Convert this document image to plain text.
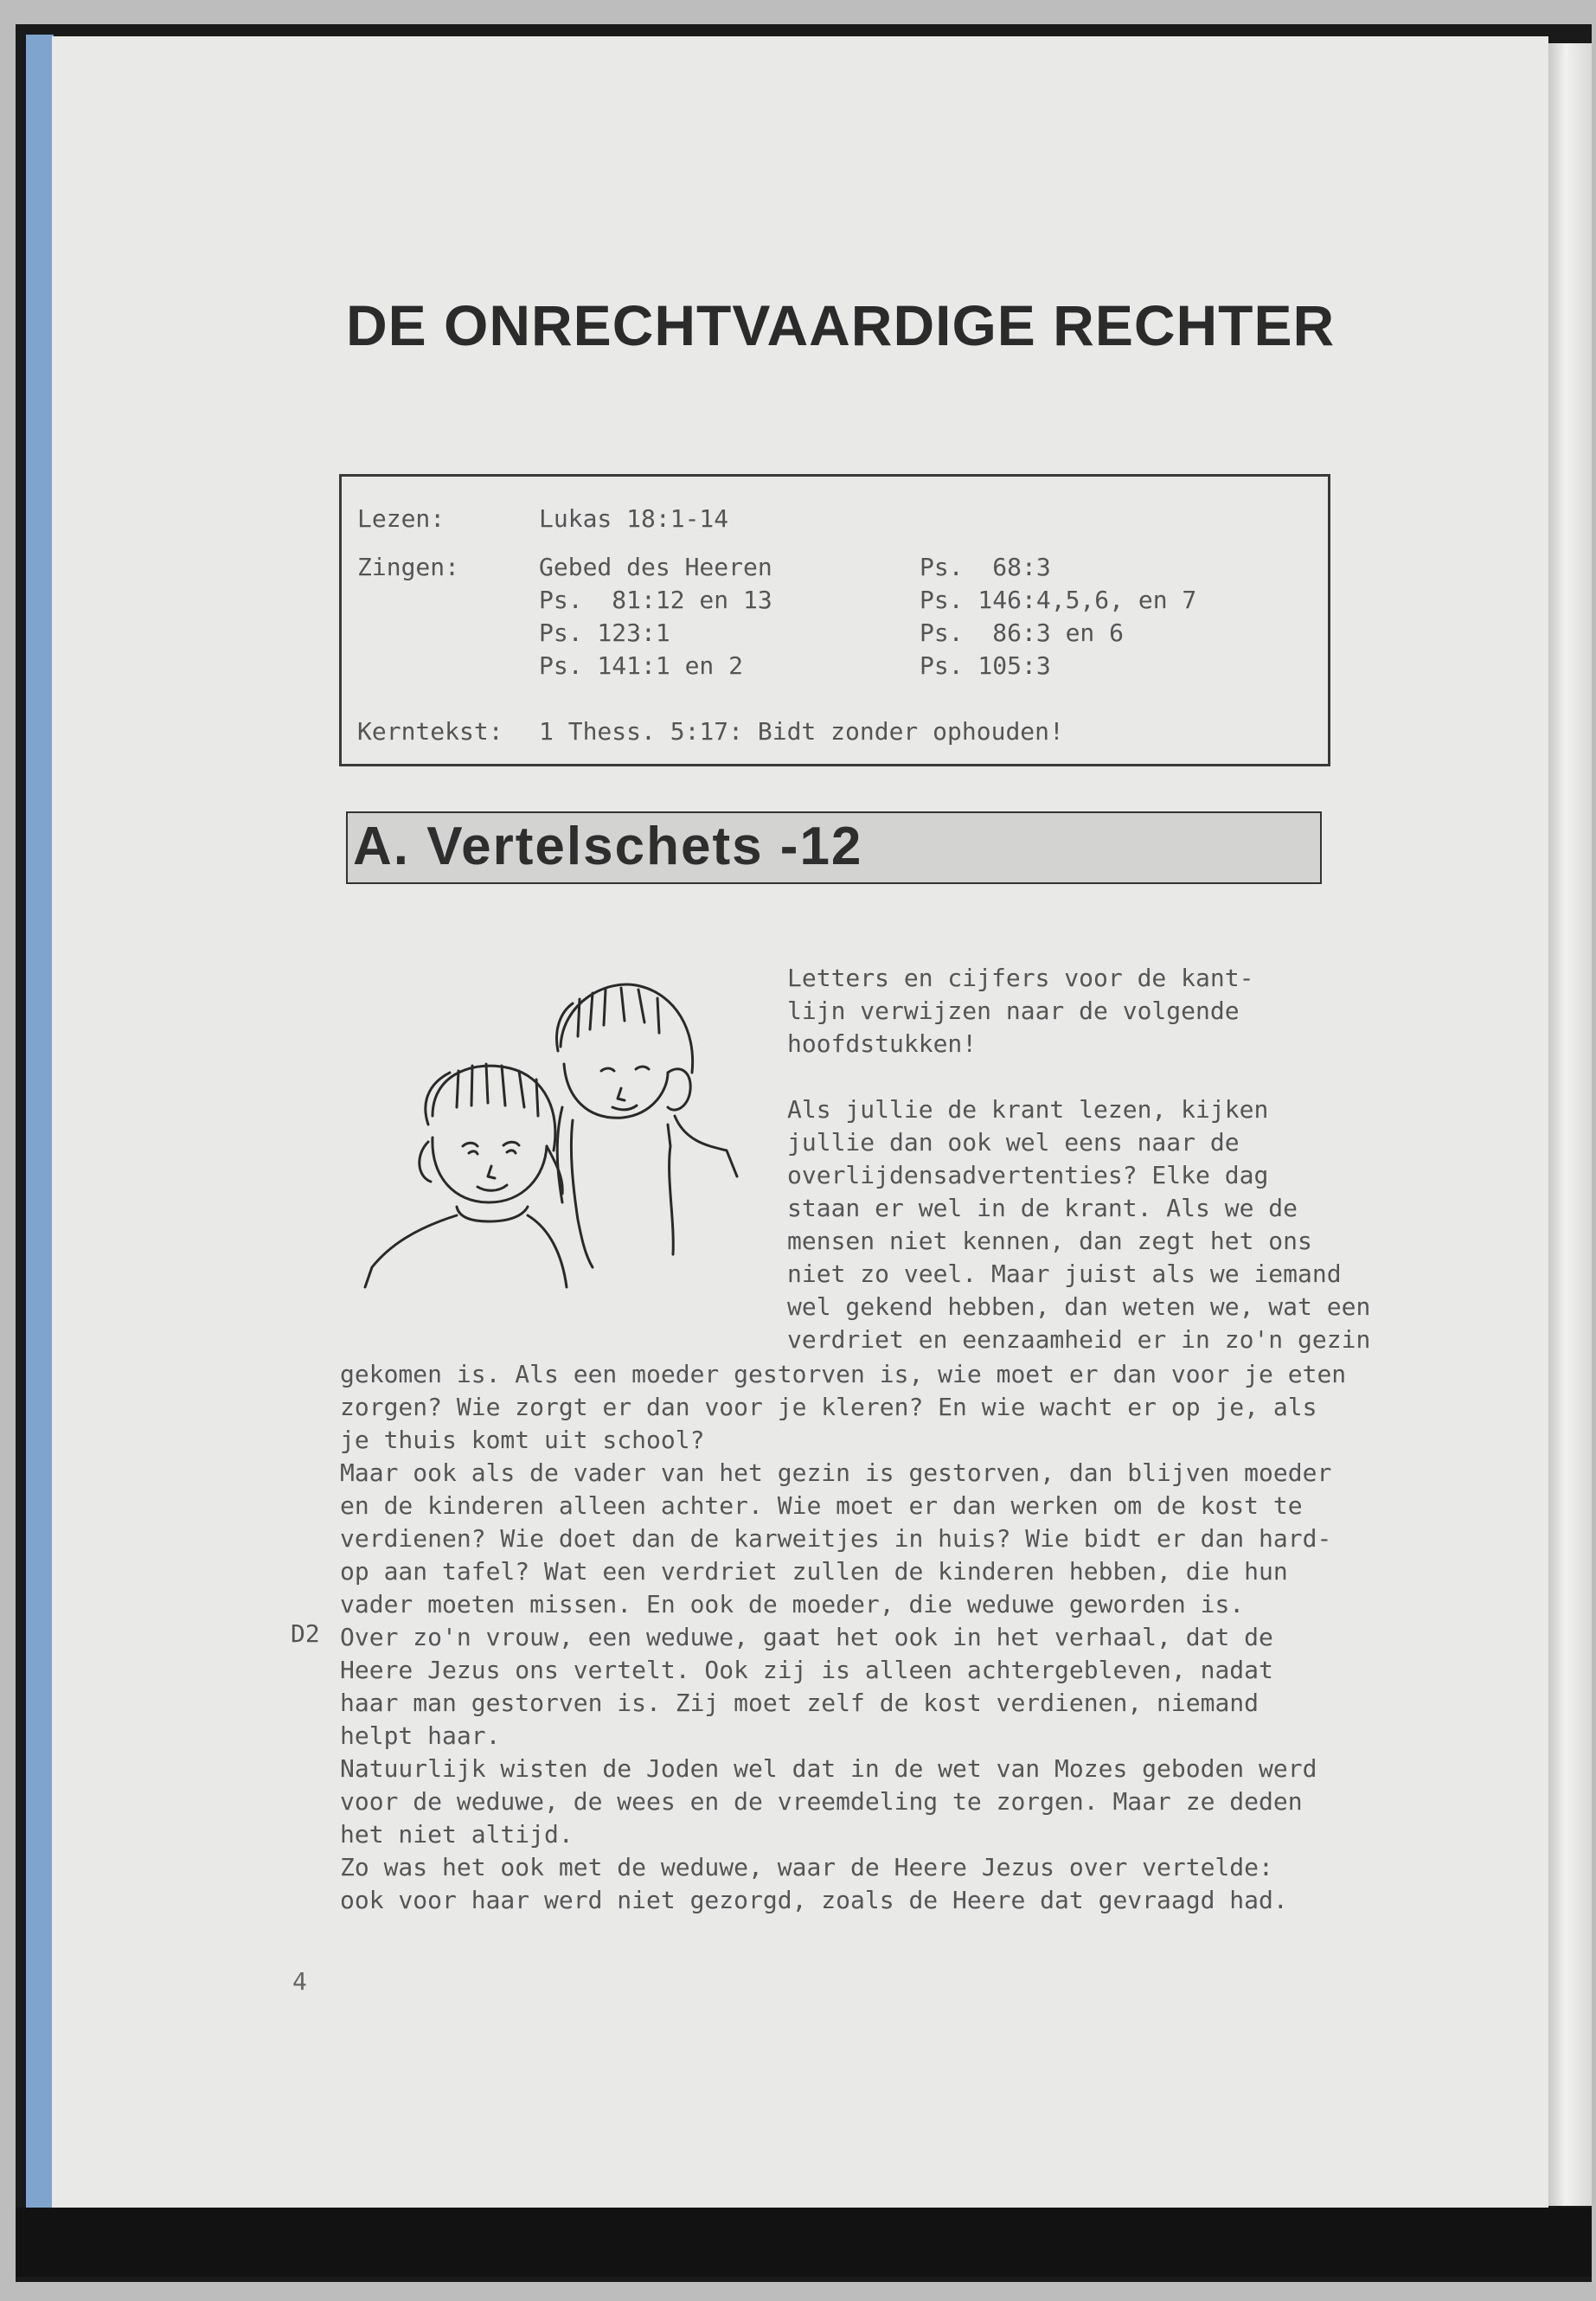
DE ONRECHTVAARDIGE RECHTER
Lezen:	Lukas 18:1-14
Zingen:	Gebed des Heeren
Ps.  81:12 en 13
Ps. 123:1
Ps. 141:1 en 2
Ps.  68:3
Ps. 146:4,5,6, en 7
Ps.  86:3 en 6
Ps. 105:3
Kerntekst: 1 Thess. 5:17: Bidt zonder ophouden!
A. Vertelschets -12

Letters en cijfers voor de kant-

lijn verwijzen naar de volgende

hoofdstukken!

Als jullie de krant lezen, kijken

jullie dan ook wel eens naar de

overlijdensadvertenties? Elke dag

staan er wel in de krant. Als we de

mensen niet kennen, dan zegt het ons

niet zo veel. Maar juist als we iemand

wel gekend hebben, dan weten we, wat een

verdriet en eenzaamheid er in zo'n gezin

gekomen is. Als een moeder gestorven is, wie moet er dan voor je eten

zorgen? Wie zorgt er dan voor je kleren? En wie wacht er op je, als

je thuis komt uit school?

Maar ook als de vader van het gezin is gestorven, dan blijven moeder

en de kinderen alleen achter. Wie moet er dan werken om de kost te

verdienen? Wie doet dan de karweitjes in huis? Wie bidt er dan hard-

op aan tafel? Wat een verdriet zullen de kinderen hebben, die hun

vader moeten missen. En ook de moeder, die weduwe geworden is.

Over zo'n vrouw, een weduwe, gaat het ook in het verhaal, dat de

Heere Jezus ons vertelt. Ook zij is alleen achtergebleven, nadat

haar man gestorven is. Zij moet zelf de kost verdienen, niemand

helpt haar.

Natuurlijk wisten de Joden wel dat in de wet van Mozes geboden werd

voor de weduwe, de wees en de vreemdeling te zorgen. Maar ze deden

het niet altijd.

Zo was het ook met de weduwe, waar de Heere Jezus over vertelde:

ook voor haar werd niet gezorgd, zoals de Heere dat gevraagd had.

D2
4
